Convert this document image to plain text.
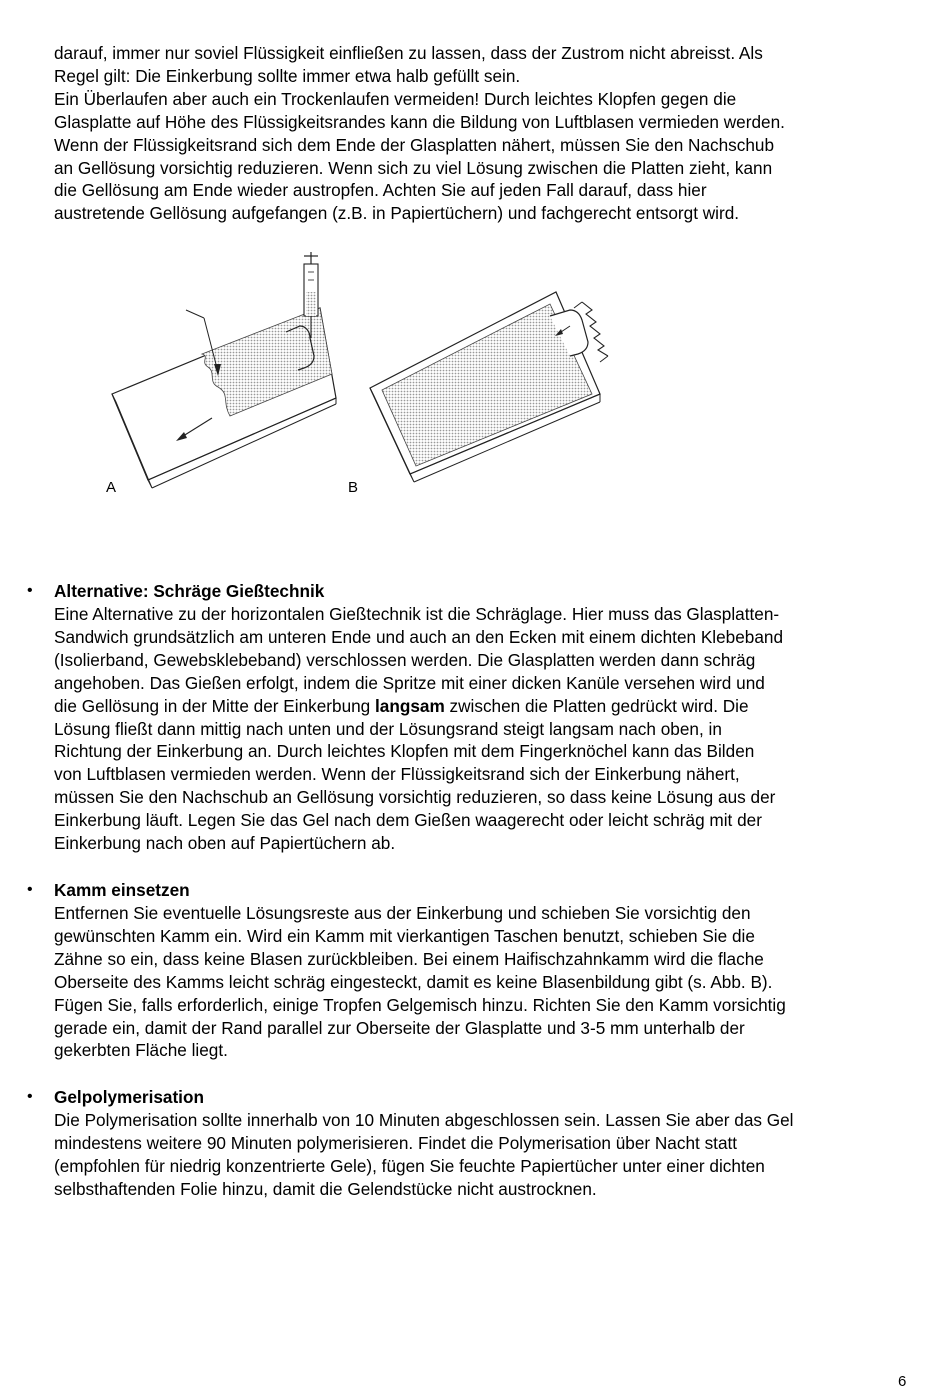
darauf, immer nur soviel Flüssigkeit einfließen zu lassen, dass der Zustrom nicht abreisst. Als
Regel gilt: Die Einkerbung sollte immer etwa halb gefüllt sein.
Ein Überlaufen aber auch ein Trockenlaufen vermeiden! Durch leichtes Klopfen gegen die
Glasplatte auf Höhe des Flüssigkeitsrandes kann die Bildung von Luftblasen vermieden werden.
Wenn der Flüssigkeitsrand sich dem Ende der Glasplatten nähert, müssen Sie den Nachschub
an Gellösung vorsichtig reduzieren. Wenn sich zu viel Lösung zwischen die Platten zieht, kann
die Gellösung am Ende wieder austropfen. Achten Sie auf jeden Fall darauf, dass hier
austretende Gellösung aufgefangen (z.B. in Papiertüchern) und fachgerecht entsorgt wird.

A	B
• Alternative: Schräge Gießtechnik

Eine Alternative zu der horizontalen Gießtechnik ist die Schräglage. Hier muss das Glasplatten-
Sandwich grundsätzlich am unteren Ende und auch an den Ecken mit einem dichten Klebeband
(Isolierband, Gewebsklebeband) verschlossen werden. Die Glasplatten werden dann schräg
angehoben. Das Gießen erfolgt, indem die Spritze mit einer dicken Kanüle versehen wird und
die Gellösung in der Mitte der Einkerbung langsam zwischen die Platten gedrückt wird. Die
Lösung fließt dann mittig nach unten und der Lösungsrand steigt langsam nach oben, in
Richtung der Einkerbung an. Durch leichtes Klopfen mit dem Fingerknöchel kann das Bilden
von Luftblasen vermieden werden. Wenn der Flüssigkeitsrand sich der Einkerbung nähert,
müssen Sie den Nachschub an Gellösung vorsichtig reduzieren, so dass keine Lösung aus der
Einkerbung läuft. Legen Sie das Gel nach dem Gießen waagerecht oder leicht schräg mit der
Einkerbung nach oben auf Papiertüchern ab.

• Kamm einsetzen

Entfernen Sie eventuelle Lösungsreste aus der Einkerbung und schieben Sie vorsichtig den
gewünschten Kamm ein. Wird ein Kamm mit vierkantigen Taschen benutzt, schieben Sie die
Zähne so ein, dass keine Blasen zurückbleiben. Bei einem Haifischzahnkamm wird die flache
Oberseite des Kamms leicht schräg eingesteckt, damit es keine Blasenbildung gibt (s. Abb. B).
Fügen Sie, falls erforderlich, einige Tropfen Gelgemisch hinzu. Richten Sie den Kamm vorsichtig
gerade ein, damit der Rand parallel zur Oberseite der Glasplatte und 3-5 mm unterhalb der
gekerbten Fläche liegt.

• Gelpolymerisation

Die Polymerisation sollte innerhalb von 10 Minuten abgeschlossen sein. Lassen Sie aber das Gel
mindestens weitere 90 Minuten polymerisieren. Findet die Polymerisation über Nacht statt
(empfohlen für niedrig konzentrierte Gele), fügen Sie feuchte Papiertücher unter einer dichten
selbsthaftenden Folie hinzu, damit die Gelendstücke nicht austrocknen.

6
